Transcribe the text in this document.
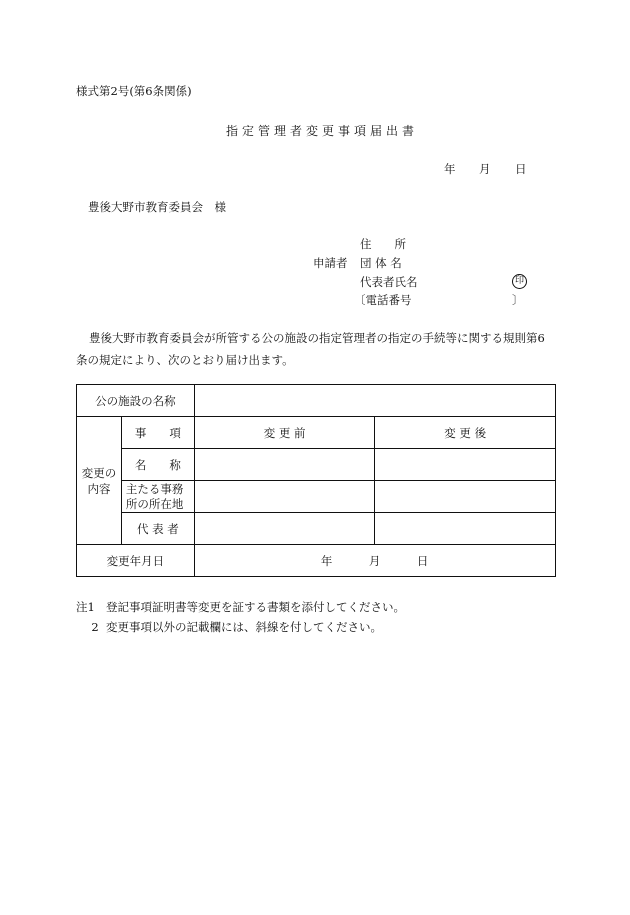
様式第2号(第6条関係)
指定管理者変更事項届出書
年 月 日
豊後大野市教育委員会　様
住　　所
申請者 団 体 名
代表者氏名	印
〔電話番号	〕
豊後大野市教育委員会が所管する公の施設の指定管理者の指定の手続等に関する規則第6条の規定により、次のとおり届け出ます。
公の施設の名称			
変更の
内容	事　　項	変 更 前	変 更 後
	名　　称		
	主たる事務
所の所在地		
	代 表 者		
変更年月日		年 月 日	
注1 登記事項証明書等変更を証する書類を添付してください。
2 変更事項以外の記載欄には、斜線を付してください。
